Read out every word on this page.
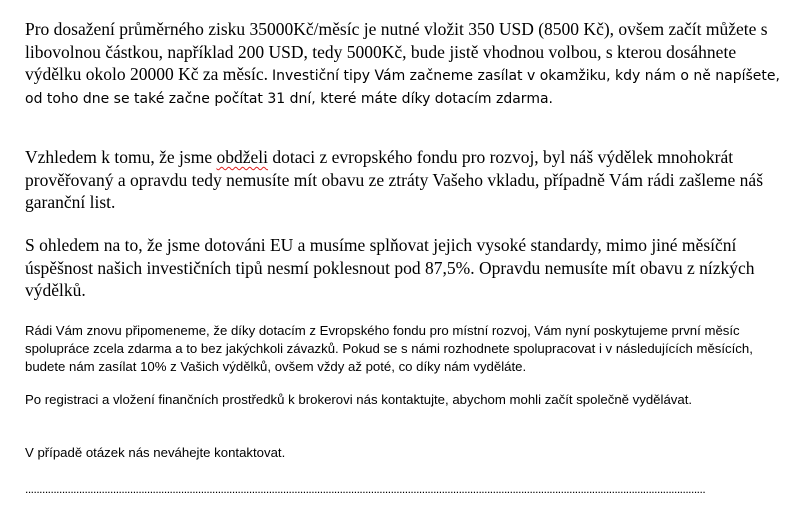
Pro dosažení průměrného zisku 35000Kč/měsíc je nutné vložit 350 USD (8500 Kč), ovšem začít můžete s libovolnou částkou, například 200 USD, tedy 5000Kč, bude jistě vhodnou volbou, s kterou dosáhnete výdělku okolo 20000 Kč za měsíc. Investiční tipy Vám začneme zasílat v okamžiku, kdy nám o ně napíšete, od toho dne se také začne počítat 31 dní, které máte díky dotacím zdarma.

Vzhledem k tomu, že jsme obdželi dotaci z evropského fondu pro rozvoj, byl náš výdělek mnohokrát prověřovaný a opravdu tedy nemusíte mít obavu ze ztráty Vašeho vkladu, případně Vám rádi zašleme náš garanční list.

S ohledem na to, že jsme dotováni EU a musíme splňovat jejich vysoké standardy, mimo jiné měsíční úspěšnost našich investičních tipů nesmí poklesnout pod 87,5%. Opravdu nemusíte mít obavu z nízkých výdělků.

Rádi Vám znovu připomeneme, že díky dotacím z Evropského fondu pro místní rozvoj, Vám nyní poskytujeme první měsíc spolupráce zcela zdarma a to bez jakýchkoli závazků. Pokud se s námi rozhodnete spolupracovat i v následujících měsících, budete nám zasílat 10% z Vašich výdělků, ovšem vždy až poté, co díky nám vyděláte.

Po registraci a vložení finančních prostředků k brokerovi nás kontaktujte, abychom mohli začít společně vydělávat.

V případě otázek nás neváhejte kontaktovat.

................................................................................................................................................................................................................................................
